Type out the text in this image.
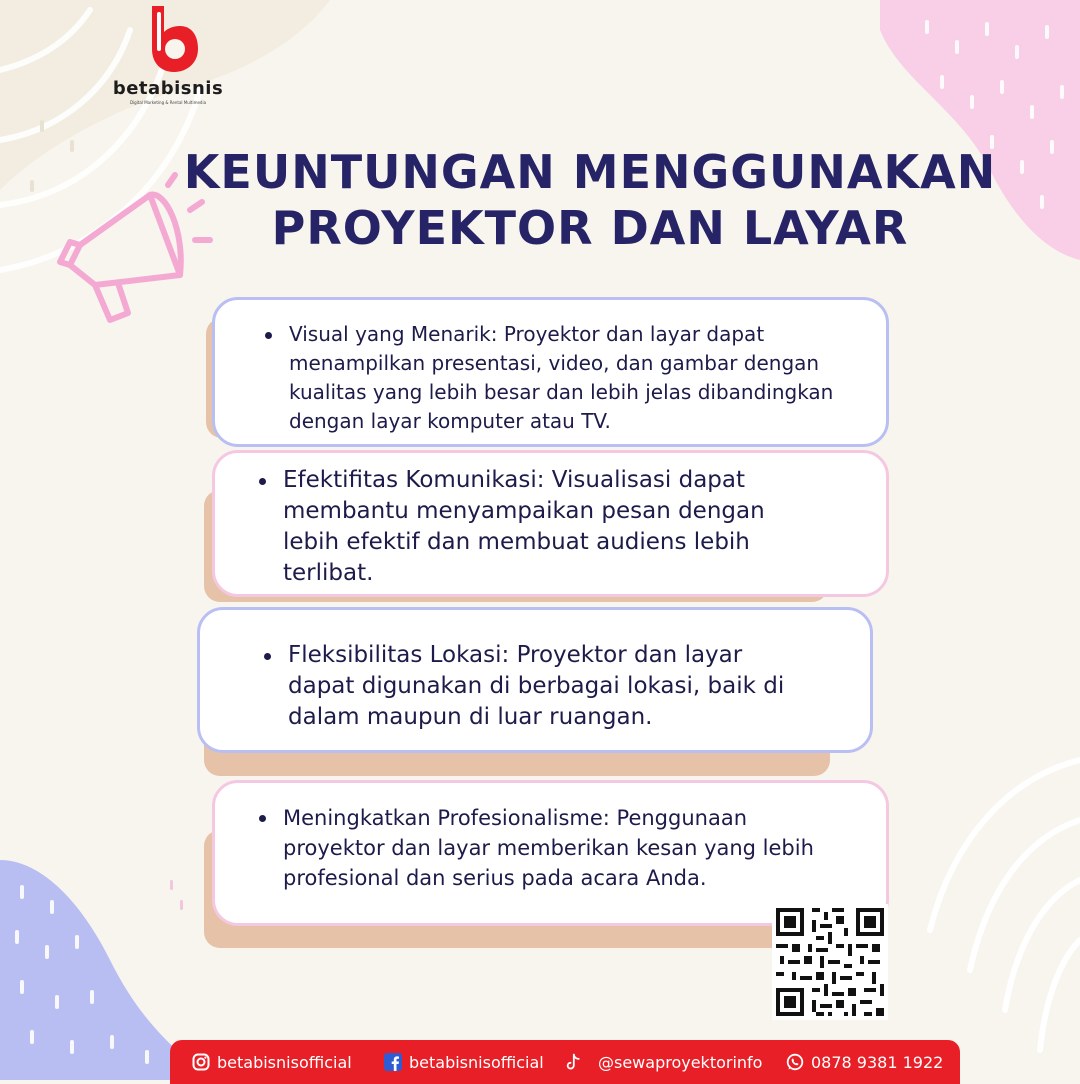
betabisnis
Digital Marketing & Rental Multimedia
KEUNTUNGAN MENGGUNAKAN
PROYEKTOR DAN LAYAR
Visual yang Menarik: Proyektor dan layar dapat menampilkan presentasi, video, dan gambar dengan kualitas yang lebih besar dan lebih jelas dibandingkan dengan layar komputer atau TV.
Efektifitas Komunikasi: Visualisasi dapat membantu menyampaikan pesan dengan lebih efektif dan membuat audiens lebih terlibat.
Fleksibilitas Lokasi: Proyektor dan layar dapat digunakan di berbagai lokasi, baik di dalam maupun di luar ruangan.
Meningkatkan Profesionalisme: Penggunaan proyektor dan layar memberikan kesan yang lebih profesional dan serius pada acara Anda.
betabisnisofficial	betabisnisofficial	@sewaproyektorinfo	0878 9381 1922
